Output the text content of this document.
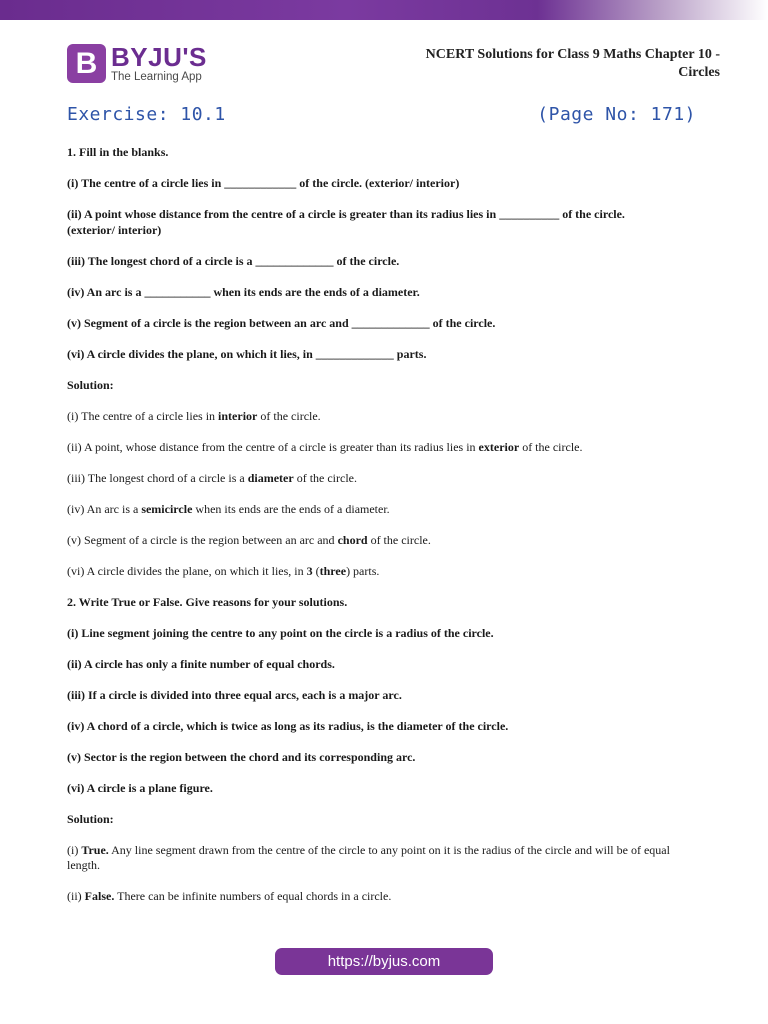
B BYJU'S
The Learning App
NCERT Solutions for Class 9 Maths Chapter 10 -
Circles
Exercise: 10.1	(Page No: 171)

1. Fill in the blanks.

(i) The centre of a circle lies in ____________ of the circle. (exterior/ interior)

(ii) A point whose distance from the centre of a circle is greater than its radius lies in __________ of the circle.

(exterior/ interior)

(iii) The longest chord of a circle is a _____________ of the circle.

(iv) An arc is a ___________ when its ends are the ends of a diameter.

(v) Segment of a circle is the region between an arc and _____________ of the circle.

(vi) A circle divides the plane, on which it lies, in _____________ parts.

Solution:

(i) The centre of a circle lies in interior of the circle.

(ii) A point, whose distance from the centre of a circle is greater than its radius lies in exterior of the circle.

(iii) The longest chord of a circle is a diameter of the circle.

(iv) An arc is a semicircle when its ends are the ends of a diameter.

(v) Segment of a circle is the region between an arc and chord of the circle.

(vi) A circle divides the plane, on which it lies, in 3 (three) parts.

2. Write True or False. Give reasons for your solutions.

(i) Line segment joining the centre to any point on the circle is a radius of the circle.

(ii) A circle has only a finite number of equal chords.

(iii) If a circle is divided into three equal arcs, each is a major arc.

(iv) A chord of a circle, which is twice as long as its radius, is the diameter of the circle.

(v) Sector is the region between the chord and its corresponding arc.

(vi) A circle is a plane figure.

Solution:

(i) True. Any line segment drawn from the centre of the circle to any point on it is the radius of the circle and will be of equal length.

(ii) False. There can be infinite numbers of equal chords in a circle.

https://byjus.com
